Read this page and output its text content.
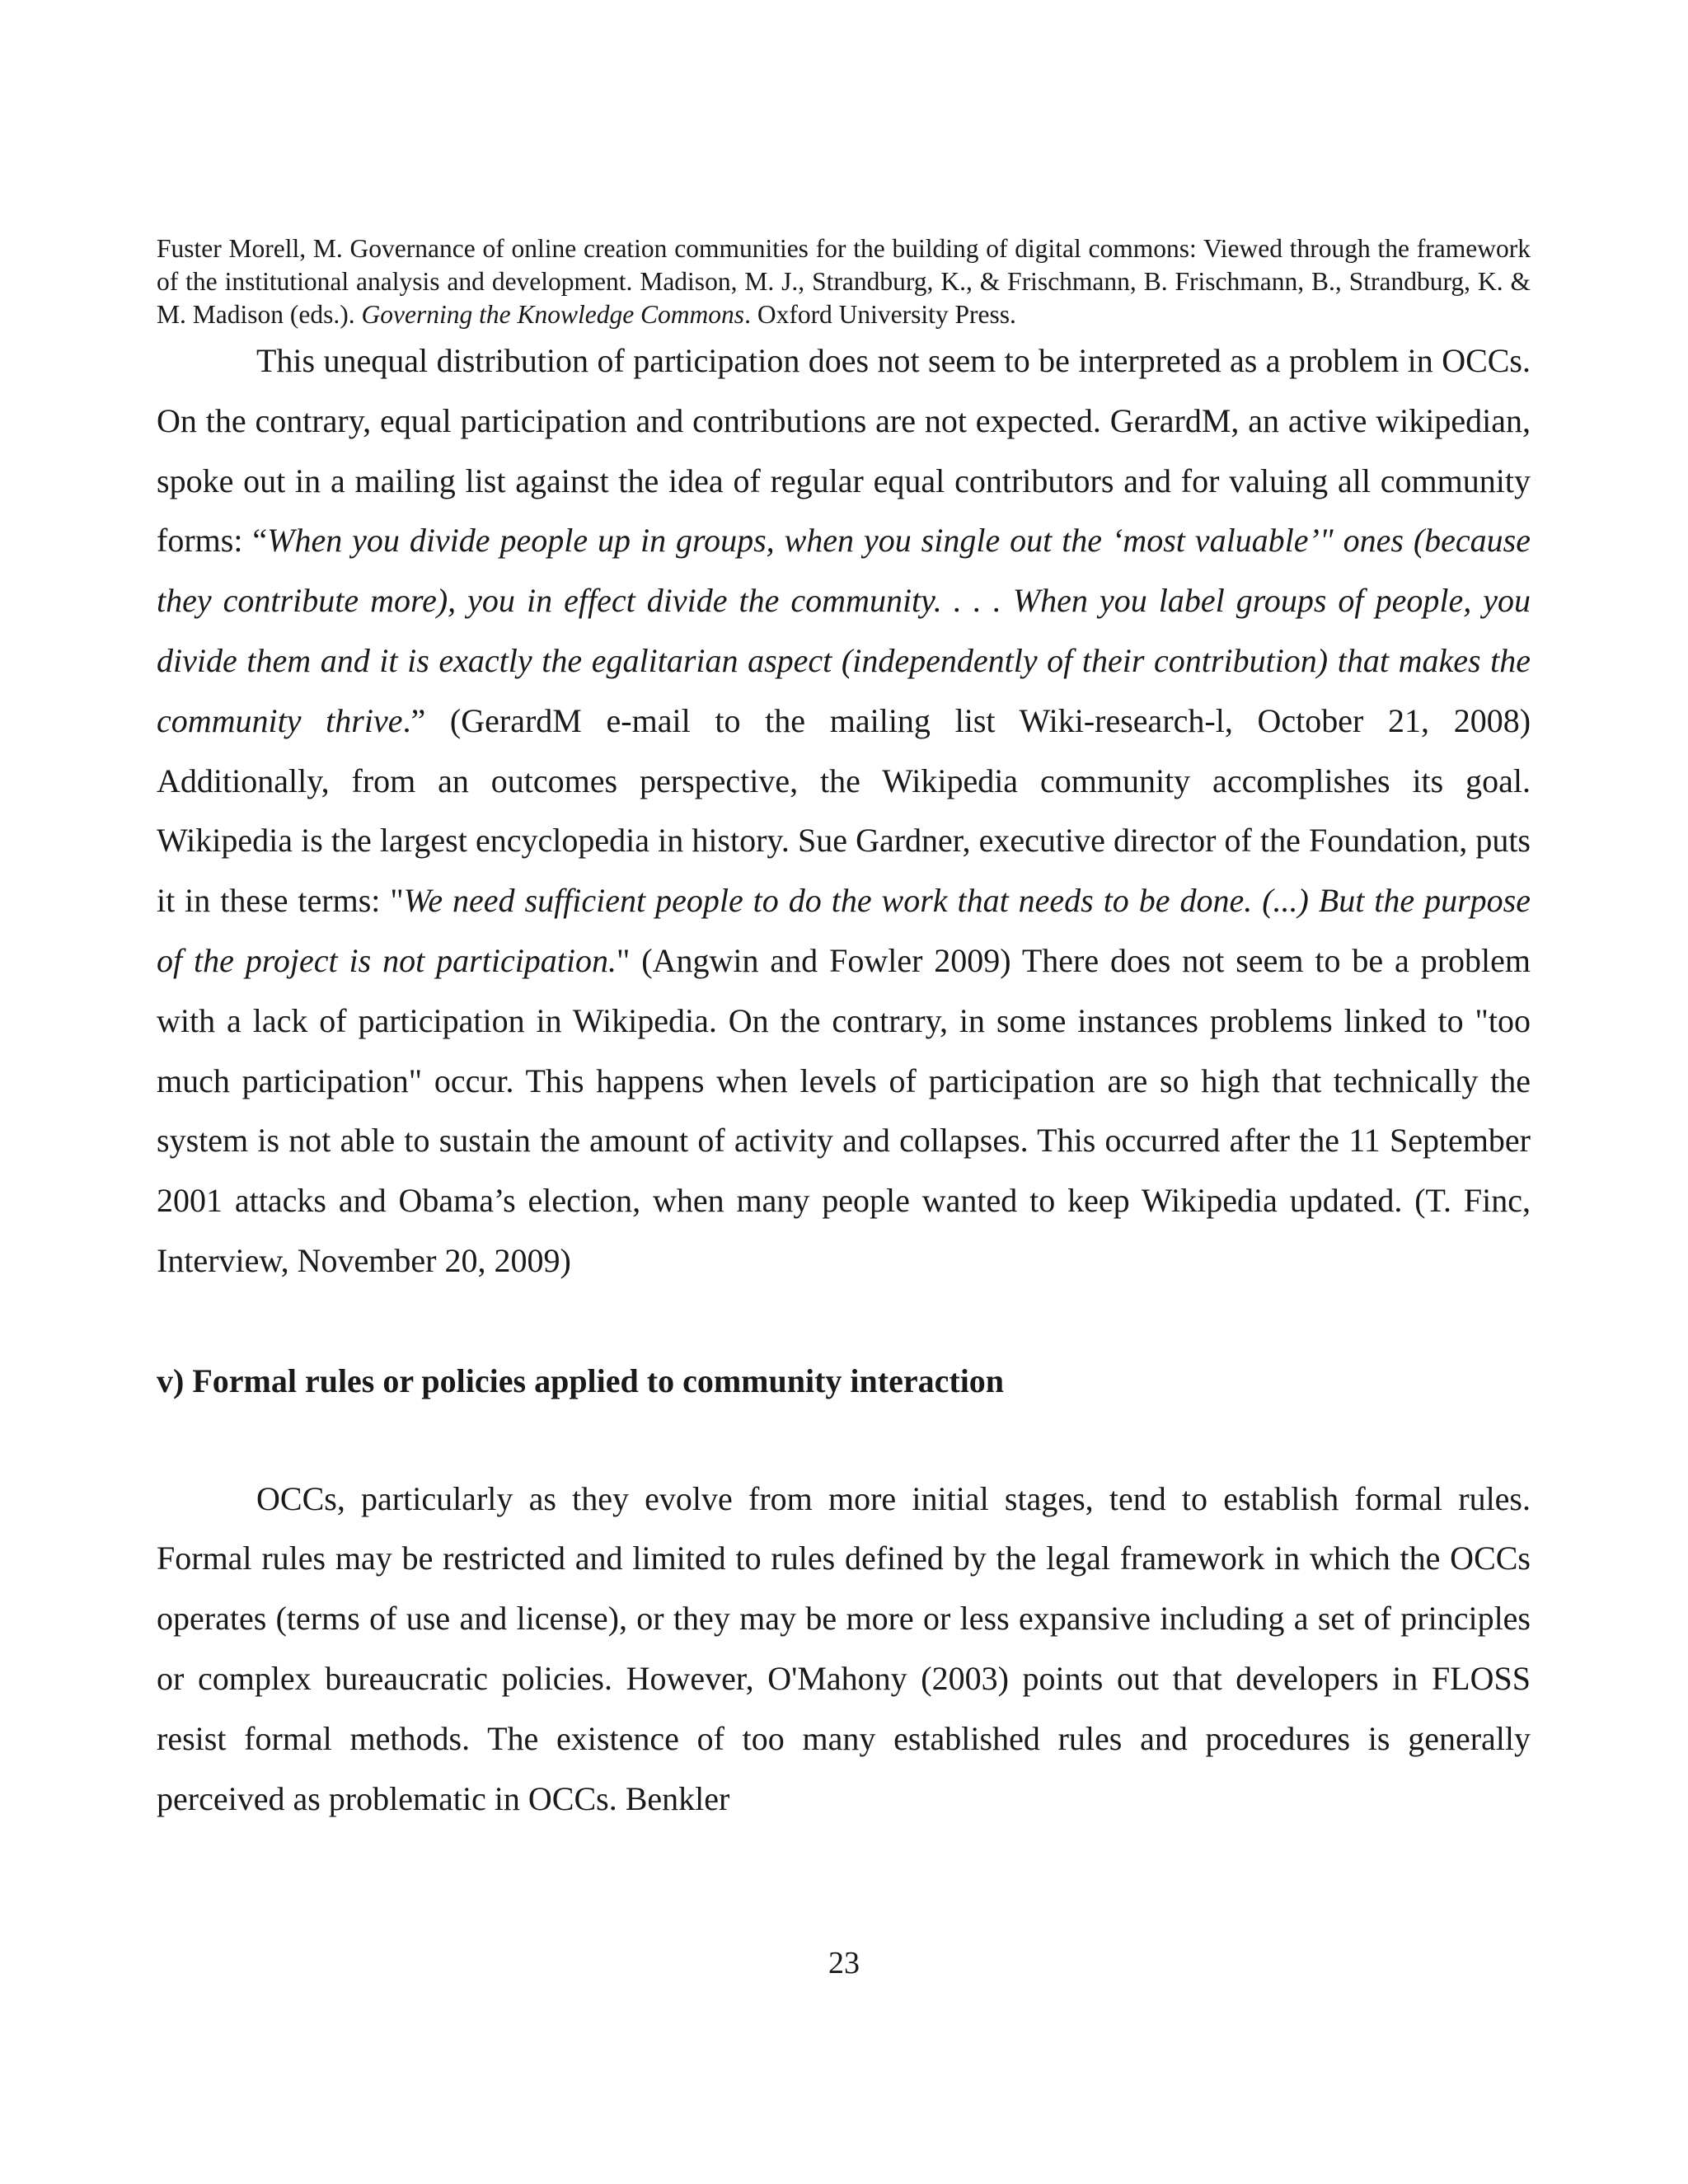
Fuster Morell, M. Governance of online creation communities for the building of digital commons: Viewed through the framework of the institutional analysis and development. Madison, M. J., Strandburg, K., & Frischmann, B. Frischmann, B., Strandburg, K. & M. Madison (eds.). Governing the Knowledge Commons. Oxford University Press.

This unequal distribution of participation does not seem to be interpreted as a problem in OCCs. On the contrary, equal participation and contributions are not expected. GerardM, an active wikipedian, spoke out in a mailing list against the idea of regular equal contributors and for valuing all community forms: “When you divide people up in groups, when you single out the ‘most valuable’" ones (because they contribute more), you in effect divide the community. . . . When you label groups of people, you divide them and it is exactly the egalitarian aspect (independently of their contribution) that makes the community thrive.” (GerardM e-mail to the mailing list Wiki-research-l, October 21, 2008) Additionally, from an outcomes perspective, the Wikipedia community accomplishes its goal. Wikipedia is the largest encyclopedia in history. Sue Gardner, executive director of the Foundation, puts it in these terms: "We need sufficient people to do the work that needs to be done. (...) But the purpose of the project is not participation." (Angwin and Fowler 2009) There does not seem to be a problem with a lack of participation in Wikipedia. On the contrary, in some instances problems linked to "too much participation" occur. This happens when levels of participation are so high that technically the system is not able to sustain the amount of activity and collapses. This occurred after the 11 September 2001 attacks and Obama’s election, when many people wanted to keep Wikipedia updated. (T. Finc, Interview, November 20, 2009)

v) Formal rules or policies applied to community interaction

OCCs, particularly as they evolve from more initial stages, tend to establish formal rules. Formal rules may be restricted and limited to rules defined by the legal framework in which the OCCs operates (terms of use and license), or they may be more or less expansive including a set of principles or complex bureaucratic policies. However, O'Mahony (2003) points out that developers in FLOSS resist formal methods. The existence of too many established rules and procedures is generally perceived as problematic in OCCs. Benkler

23
